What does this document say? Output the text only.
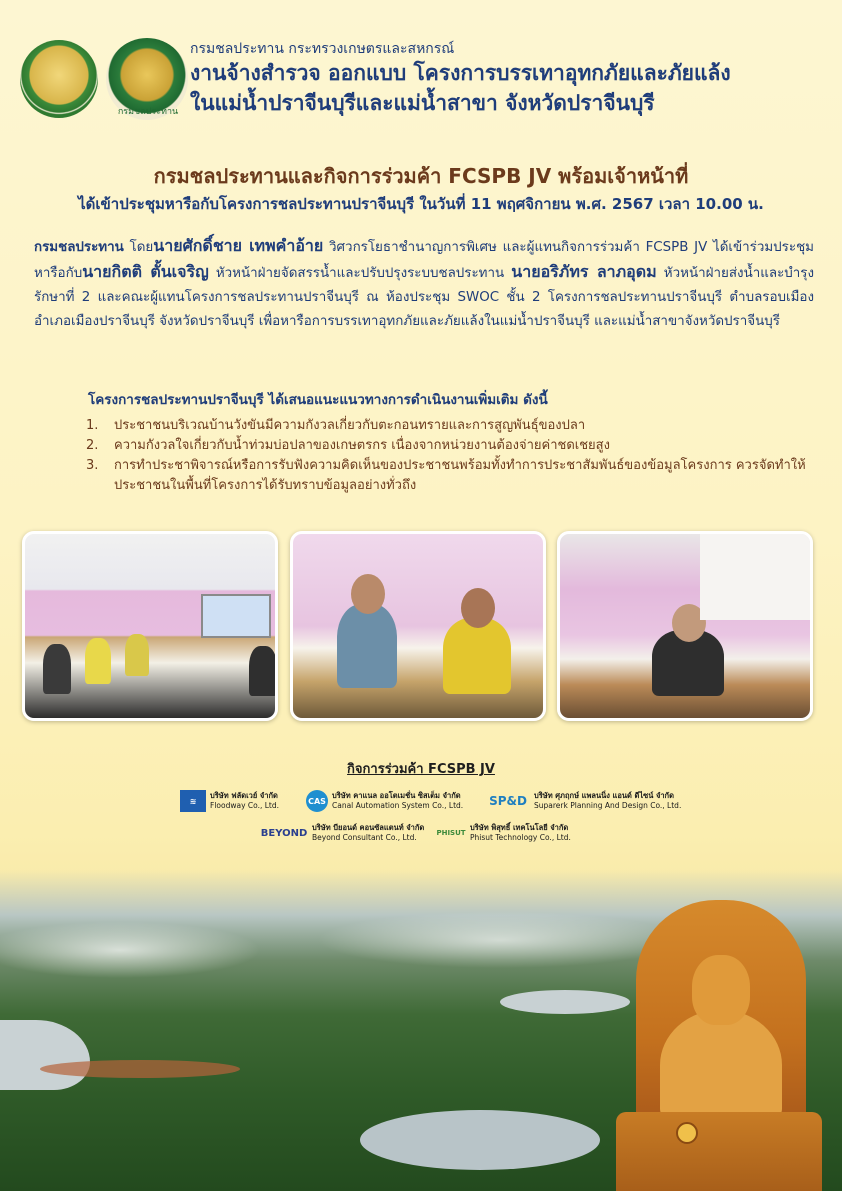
กรมชลประทาน
กรมชลประทาน กระทรวงเกษตรและสหกรณ์
งานจ้างสำรวจ ออกแบบ โครงการบรรเทาอุทกภัยและภัยแล้ง
ในแม่น้ำปราจีนบุรีและแม่น้ำสาขา จังหวัดปราจีนบุรี
กรมชลประทานและกิจการร่วมค้า FCSPB JV พร้อมเจ้าหน้าที่
ได้เข้าประชุมหารือกับโครงการชลประทานปราจีนบุรี ในวันที่ 11 พฤศจิกายน พ.ศ. 2567 เวลา 10.00 น.
กรมชลประทาน โดยนายศักดิ์ชาย เทพคำอ้าย วิศวกรโยธาชำนาญการพิเศษ และผู้แทนกิจการร่วมค้า FCSPB JV ได้เข้าร่วมประชุมหารือกับนายกิตติ ตั้นเจริญ หัวหน้าฝ่ายจัดสรรน้ำและปรับปรุงระบบชลประทาน นายอริภัทร ลาภอุดม หัวหน้าฝ่ายส่งน้ำและบำรุงรักษาที่ 2 และคณะผู้แทนโครงการชลประทานปราจีนบุรี ณ ห้องประชุม SWOC ชั้น 2 โครงการชลประทานปราจีนบุรี ตำบลรอบเมือง อำเภอเมืองปราจีนบุรี จังหวัดปราจีนบุรี เพื่อหารือการบรรเทาอุทกภัยและภัยแล้งในแม่น้ำปราจีนบุรี และแม่น้ำสาขาจังหวัดปราจีนบุรี
โครงการชลประทานปราจีนบุรี ได้เสนอแนะแนวทางการดำเนินงานเพิ่มเติม ดังนี้
1.	ประชาชนบริเวณบ้านวังขันมีความกังวลเกี่ยวกับตะกอนทรายและการสูญพันธุ์ของปลา
2.	ความกังวลใจเกี่ยวกับน้ำท่วมบ่อปลาของเกษตรกร เนื่องจากหน่วยงานต้องจ่ายค่าชดเชยสูง
3.	การทำประชาพิจารณ์หรือการรับฟังความคิดเห็นของประชาชนพร้อมทั้งทำการประชาสัมพันธ์ของข้อมูลโครงการ ควรจัดทำให้ประชาชนในพื้นที่โครงการได้รับทราบข้อมูลอย่างทั่วถึง
กิจการร่วมค้า FCSPB JV
≋
บริษัท ฟลัดเวย์ จำกัด
Floodway Co., Ltd.	CAS
บริษัท คาแนล ออโตเมชั่น ซิสเต็ม จำกัด
Canal Automation System Co., Ltd. SP&D บริษัท ศุภฤกษ์ แพลนนิ่ง แอนด์ ดีไซน์ จำกัด
Suparerk Planning And Design Co., Ltd.
BEYOND บริษัท บียอนด์ คอนซัลแตนท์ จำกัด
Beyond Consultant Co., Ltd.	PHISUT
บริษัท พิสุทธิ์ เทคโนโลยี จำกัด
Phisut Technology Co., Ltd.
